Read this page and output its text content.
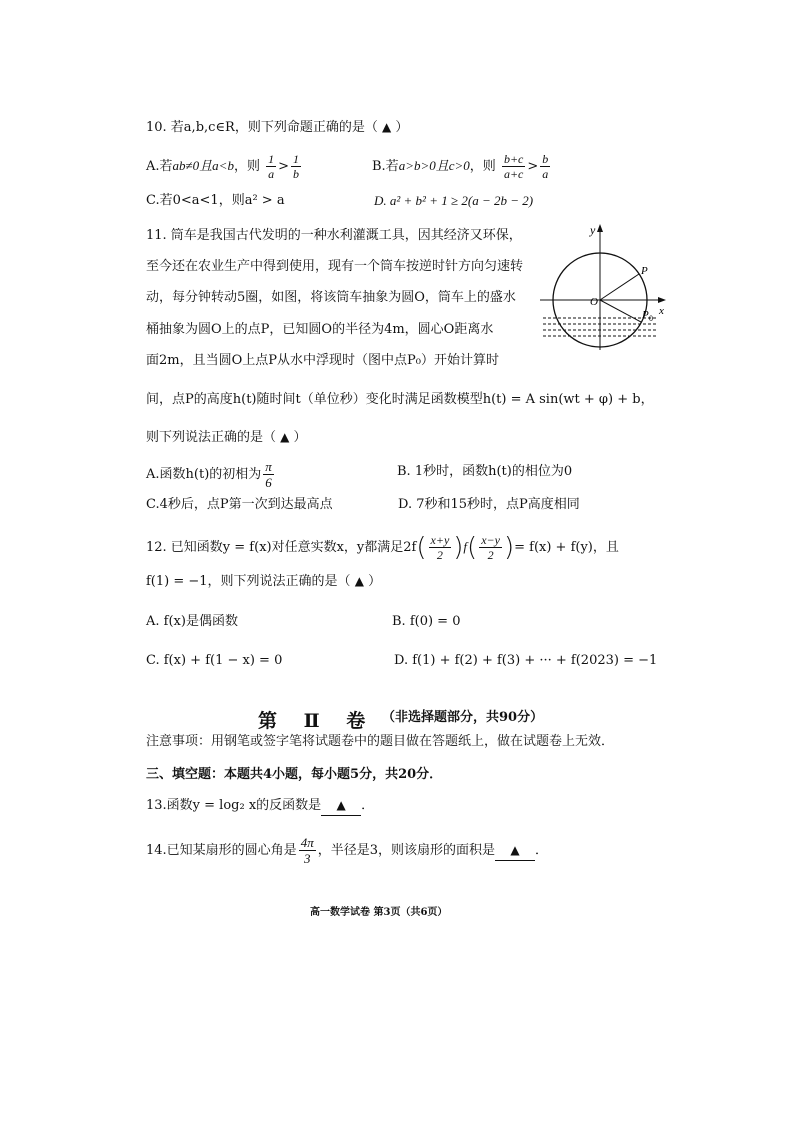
10. 若a,b,c∈R，则下列命题正确的是（ ▲ ）
A.若ab≠0且a<b，则 $\frac{1}{a} > \frac{1}{b}$	B.若a>b>0且c>0，则 $\frac{b+c}{a+c} > \frac{b}{a}$
C.若0<a<1，则a² > a	D. a² + b² + 1 ≥ 2(a − 2b − 2)
11. 筒车是我国古代发明的一种水利灌溉工具，因其经济又环保，
至今还在农业生产中得到使用，现有一个筒车按逆时针方向匀速转
动，每分钟转动5圈，如图，将该筒车抽象为圆O，筒车上的盛水
桶抽象为圆O上的点P，已知圆O的半径为4m，圆心O距离水
面2m，且当圆O上点P从水中浮现时（图中点P₀）开始计算时
间，点P的高度h(t)随时间t（单位秒）变化时满足函数模型h(t) = A sin(wt + φ) + b，
则下列说法正确的是（ ▲ ）
y
x
P
O
P 0
A.函数h(t)的初相为 $\frac{\pi}{6}$	B. 1秒时，函数h(t)的相位为0
C.4秒后，点P第一次到达最高点	D. 7秒和15秒时，点P高度相同
12. 已知函数y = f(x)对任意实数x，y都满足$2f( \frac{x+y}{2} )f( \frac{x-y}{2}$ )= f(x) + f(y)，且
f(1) = −1，则下列说法正确的是（ ▲ ）
A. f(x)是偶函数	B. f(0) = 0
C. f(x) + f(1 − x) = 0	D. f(1) + f(2) + f(3) + ··· + f(2023) = −1
第 Ⅱ 卷 （非选择题部分，共90分）
注意事项：用钢笔或签字笔将试题卷中的题目做在答题纸上，做在试题卷上无效．
三、填空题：本题共4小题，每小题5分，共20分．
13.函数y = log₂ x的反函数是 ▲ ．
14.已知某扇形的圆心角是 $\frac{4\pi}{3}$ ，半径是3，则该扇形的面积是 ▲ ．
高一数学试卷 第3页（共6页）
